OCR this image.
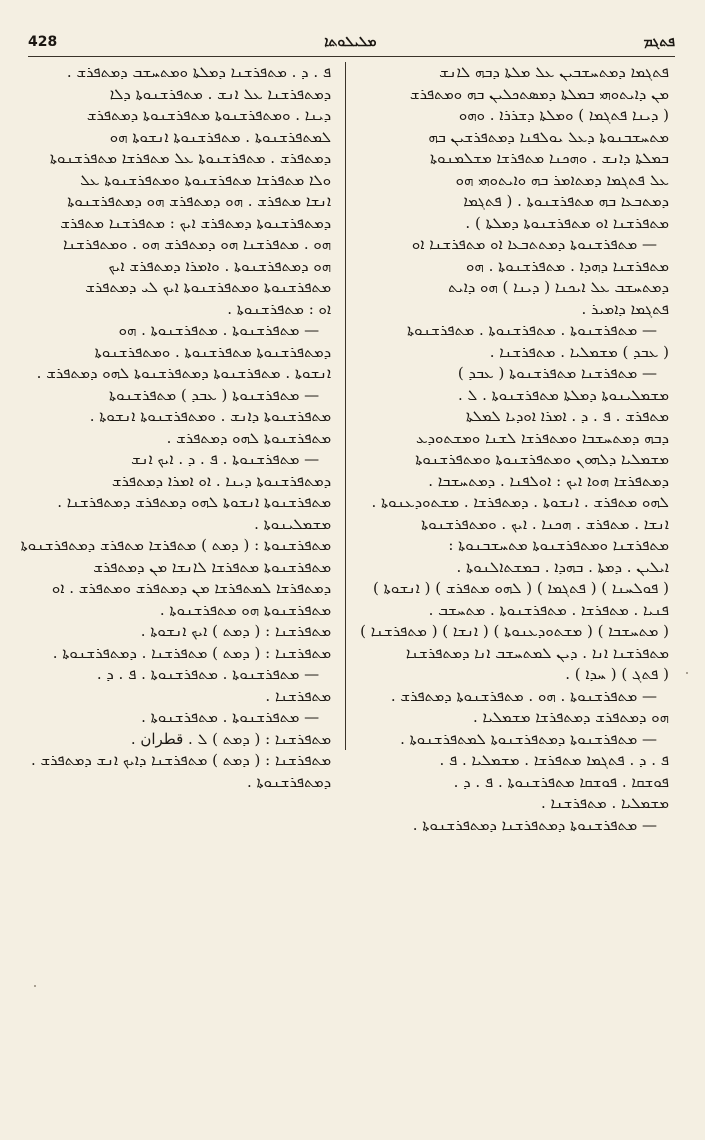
428	ܡܠܝܠܘܬܐ	ܦܬܓܡ
ܦܬܓܡܐ ܕܡܬܚܫܒܝܢ ܥܠ ܡܠܬܐ ܕܒܗ ܠܐܢܫ
ܡܢ ܕܐܝܬܘܗܝ ܒܡܠܬܐ ܕܡܣܬܟܠܝܢ ܒܗ ܘܡܬܦܪܫ
( ܕܝܢܐ ܦܬܓܡܐ ) ܘܡܠܬܐ ܕܫܪܪܐ . ܘܗܘ
ܡܬܚܫܒܢܘܬܐ ܕܥܠ ܝܘܠܦܢܐ ܕܡܬܦܪܫܝܢ ܒܗ
ܒܡܠܬܐ ܕܐܢܫ . ܘܗܟܢܐ ܡܬܦܪܫܐ ܡܫܠܡܢܘܬܐ
ܥܠ ܦܬܓܡܐ ܕܡܬܐܡܪ ܒܗ ܘܐܝܬܘܗܝ ܗܘ
ܕܡܬܒܥܐ ܒܗ ܡܬܦܪܫܢܘܬܐ . ( ܦܬܓܡܐ
ܡܬܦܪܫܢܐ ܐܘ ܡܬܦܪܫܢܘܬܐ ܕܡܠܬܐ ) .
— ܡܬܦܪܫܢܘܬܐ ܕܡܬܬܒܥܐ ܐܘ ܡܬܦܪܫܢܐ ܐܘ
ܡܬܦܪܫܢܐ ܕܗܕܐ . ܡܬܦܪܫܢܘܬܐ . ܗܘ
ܕܡܬܚܫܒ ܥܠ ܐܝܟܢܐ ( ܕܝܢܐ ) ܗܘ ܕܐܝܬ
ܦܬܓܡܐ ܕܐܡܝܪ .
— ܡܬܦܪܫܢܘܬܐ . ܡܬܦܪܫܢܘܬܐ . ܡܬܦܪܫܢܘܬܐ
( ܥܒܕ ) ܡܫܡܠܝܐ . ܡܬܦܪܫܢܐ .
— ܡܬܦܪܫܢܐ ܡܬܦܪܫܢܘܬܐ ( ܥܒܕ )
ܡܫܡܠܝܢܘܬܐ ܕܡܠܬܐ ܡܬܦܪܫܢܘܬܐ . ܠ .
ܡܬܦܪܫ . ܦ . ܕ . ܐܡܪܐ ܐܘܕܝܐ ܠܡܠܬܐ
ܕܒܗ ܕܡܬܚܫܒܐ ܘܡܬܦܪܫܐ ܠܫܢܐ ܘܡܫܬܘܕܥ
ܡܫܡܠܝܐ ܕܠܗܘܢ ܘܡܬܦܪܫܢܘܬܐ ܘܡܬܦܪܫܢܘܬܐ
ܕܡܬܦܪܫܐ ܗܘܐ ܐܝܟ : ܐܘܠܦܢܐ . ܕܡܬܚܫܒܐ .
ܠܗܘ ܡܬܦܪܫ . ܐܢܫܘܬܐ . ܕܡܬܦܪܫܐ . ܡܫܬܘܕܥܢܘܬܐ .
ܐܢܫܐ . ܡܬܦܪܫ . ܗܟܢܐ . ܐܝܟ . ܘܡܬܦܪܫܢܘܬܐ
ܡܬܦܪܫܢܐ ܘܡܬܦܪܫܢܘܬܐ ܡܬܚܫܒܢܘܬܐ :
ܐܝܠܝܢ . ܕܡܬܐ . ܒܗܕܐ . ܒܡܫܬܐܠܢܘܬܐ .
( ܦܘܠܚܢܐ ) ( ܦܬܓܡܐ ) ( ܠܗܘ ܡܬܦܪܫ ) ( ܐܢܫܘܬܐ )
ܦܢܝܐ . ܡܬܦܪܫܐ . ܡܬܦܪܫܢܘܬܐ . ܡܬܚܫܒ .
( ܡܬܚܫܒܐ ) ( ܡܫܬܘܕܥܢܘܬܐ ) ( ܐܢܫܐ ) ( ܡܬܦܪܫܢܐ )
ܡܬܦܪܫܢܐ ܐܢܐ . ܕܝܢ ܠܡܬܚܫܒ ܐܢܐ ܕܡܬܦܪܫܢܐ
( ܦܬܓ ) ( ܚܕܐ ) .
— ܡܬܦܪܫܢܘܬܐ . ܗܘ . ܡܬܦܪܫܢܘܬܐ ܕܡܬܦܪܫ .
ܗܘ ܕܡܬܦܪܫ ܕܡܬܦܪܫܐ ܡܫܡܠܝܐ .
— ܡܬܦܪܫܢܘܬܐ ܕܡܬܦܪܫܢܘܬܐ ܠܡܬܦܪܫܢܘܬܐ .
ܦ . ܕ . ܦܬܓܡܐ ܡܬܦܪܫܐ . ܡܫܡܠܝܐ . ܦ .
ܦܘܫܩܐ . ܦܘܫܩܐ ܡܬܦܪܫܢܘܬܐ . ܦ . ܕ .
ܡܫܡܠܝܐ . ܡܬܦܪܫܢܐ .
— ܡܬܦܪܫܢܘܬܐ ܕܡܬܦܪܫܢܐ ܕܡܬܦܪܫܢܘܬܐ .
ܦ . ܕ . ܡܬܦܪܫܢܐ ܕܡܠܬܐ ܘܡܬܚܫܒ ܕܡܬܦܪܫ .
ܕܡܬܦܪܫܢܐ ܥܠ ܐܢܫ . ܡܬܦܪܫܢܘܬܐ ܕܠܐ
ܕܝܢܐ . ܘܡܬܦܪܫܢܘܬܐ ܡܬܦܪܫܢܘܬܐ ܕܡܬܦܪܫ
ܠܡܬܦܪܫܢܘܬܐ . ܡܬܦܪܫܢܘܬܐ ܐܢܫܘܬܐ ܗܘ
ܕܡܬܦܪܫ . ܡܬܦܪܫܢܘܬܐ ܥܠ ܡܬܦܪܫܐ ܡܬܦܪܫܢܘܬܐ
ܘܠܐ ܡܬܦܪܫܐ ܡܬܦܪܫܢܘܬܐ ܘܡܬܦܪܫܢܘܬܐ ܥܠ
ܐܢܫܐ ܡܬܦܪܫ . ܗܘ ܕܡܬܦܪܫ ܗܘ ܕܡܬܦܪܫܢܘܬܐ
ܕܡܬܦܪܫܢܘܬܐ ܕܡܬܦܪܫ ܐܝܟ : ܡܬܦܪܫܢܐ ܡܬܦܪܫ
ܗܘ . ܡܬܦܪܫܢܐ ܗܘ ܕܡܬܦܪܫ ܗܘ . ܘܡܬܦܪܫܢܐ
ܗܘ ܕܡܬܦܪܫܢܘܬܐ . ܘܐܡܪܐ ܕܡܬܦܪܫ ܐܝܟ
ܡܬܦܪܫܢܘܬܐ ܘܡܬܦܪܫܢܘܬܐ ܐܝܟ ܠܝ ܕܡܬܦܪܫ
ܐܘ : ܡܬܦܪܫܢܘܬܐ .
— ܡܬܦܪܫܢܘܬܐ . ܡܬܦܪܫܢܘܬܐ . ܗܘ
ܕܡܬܦܪܫܢܘܬܐ ܡܬܦܪܫܢܘܬܐ . ܘܡܬܦܪܫܢܘܬܐ
ܐܢܫܘܬܐ . ܡܬܦܪܫܢܘܬܐ ܕܡܬܦܪܫܢܘܬܐ ܠܗܘ ܕܡܬܦܪܫ .
— ܡܬܦܪܫܢܘܬܐ ( ܥܒܕ ) ܡܬܦܪܫܢܘܬܐ
ܡܬܦܪܫܢܘܬܐ ܕܐܢܫ . ܘܡܬܦܪܫܢܘܬܐ ܐܢܫܘܬܐ .
ܡܬܦܪܫܢܘܬܐ ܠܗܘ ܕܡܬܦܪܫ .
— ܡܬܦܪܫܢܘܬܐ . ܦ . ܕ . ܐܝܟ ܐܢܫ
ܕܡܬܦܪܫܢܘܬܐ ܕܝܢܐ . ܐܘ ܐܡܪܐ ܕܡܬܦܪܫ
ܡܬܦܪܫܢܘܬܐ ܐܢܫܘܬܐ ܠܗܘ ܕܡܬܦܪܫ ܕܡܬܦܪܫܢܐ .
ܡܫܡܠܝܢܘܬܐ .
ܡܬܦܪܫܢܘܬܐ : ( ܕܡܬ ) ܡܬܦܪܫܐ ܡܬܦܪܫ ܕܡܬܦܪܫܢܘܬܐ
ܡܬܦܪܫܢܘܬܐ ܡܬܦܪܫܐ ܠܐܢܫܐ ܡܢ ܕܡܬܦܪܫ
ܕܡܬܦܪܫܐ ܠܡܬܦܪܫܐ ܡܢ ܕܡܬܦܪܫ ܘܡܬܦܪܫ . ܐܘ
ܡܬܦܪܫܢܘܬܐ ܗܘ ܡܬܦܪܫܢܘܬܐ .
ܡܬܦܪܫܢܐ : ( ܕܡܬ ) ܐܝܟ ܐܢܫܘܬܐ .
ܡܬܦܪܫܢܐ : ( ܕܡܬ ) ܡܬܦܪܫܢܐ . ܕܡܬܦܪܫܢܘܬܐ .
— ܡܬܦܪܫܢܘܬܐ . ܡܬܦܪܫܢܘܬܐ . ܦ . ܕ .
ܡܬܦܪܫܢܐ .
— ܡܬܦܪܫܢܘܬܐ . ܡܬܦܪܫܢܘܬܐ .
ܡܬܦܪܫܢܐ : ( ܕܡܬ ) ܠ . قطران .
ܡܬܦܪܫܢܐ : ( ܕܡܬ ) ܡܬܦܪܫܢܐ ܕܐܝܟ ܐܢܫ ܕܡܬܦܪܫ .
ܕܡܬܦܪܫܢܘܬܐ .
